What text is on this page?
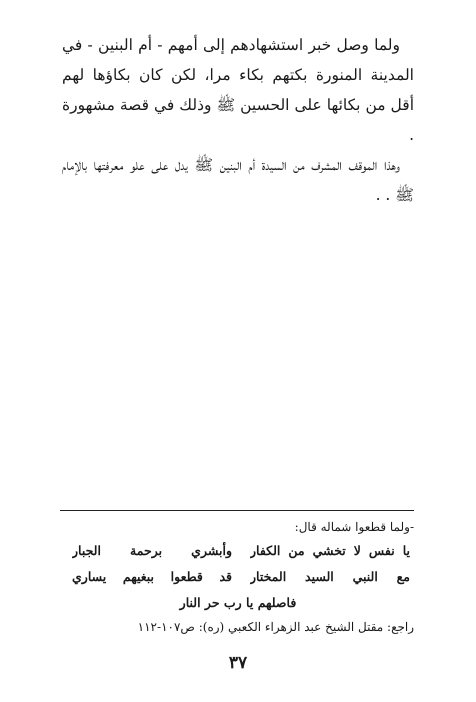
ولما وصل خبر استشهادهم إلى أمهم - أم البنين - في المدينة المنورة بكتهم بكاء مرا، لكن كان بكاؤها لهم أقل من بكائها على الحسين ﷺ وذلك في قصة مشهورة .

وهذا الموقف المشرف من السيدة أم البنين ﷺ يدل على علو معرفتها بالإمام ﷺ . .

-ولما قطعوا شماله قال:
يا نفس لا تخشي من الكفار
وأبشري برحمة الجبار
مع النبي السيد المختار
قد قطعوا ببغيهم يساري
فاصلهم يا رب حر النار
راجع: مقتل الشيخ عبد الزهراء الكعبي (ره): ص١٠٧-١١٢
٣٧
